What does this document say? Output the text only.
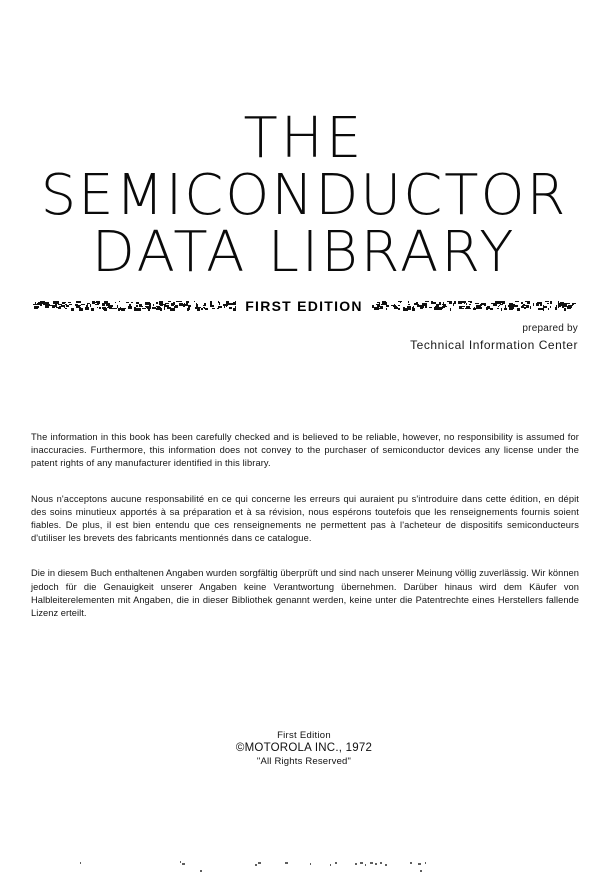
THE
SEMICONDUCTOR
DATA LIBRARY
FIRST EDITION
prepared by
Technical Information Center

The information in this book has been carefully checked and is believed to be reliable, however, no responsibility is assumed for inaccuracies. Furthermore, this information does not convey to the purchaser of semiconductor devices any license under the patent rights of any manufacturer identified in this library.

Nous n'acceptons aucune responsabilité en ce qui concerne les erreurs qui auraient pu s'introduire dans cette édition, en dépit des soins minutieux apportés à sa préparation et à sa révision, nous espérons toutefois que les renseignements fournis soient fiables. De plus, il est bien entendu que ces renseignements ne permettent pas à l'acheteur de dispositifs semiconducteurs d'utiliser les brevets des fabricants mentionnés dans ce catalogue.

Die in diesem Buch enthaltenen Angaben wurden sorgfältig überprüft und sind nach unserer Meinung völlig zuverlässig. Wir können jedoch für die Genauigkeit unserer Angaben keine Verantwortung übernehmen. Darüber hinaus wird dem Käufer von Halbleiterelementen mit Angaben, die in dieser Bibliothek genannt werden, keine unter die Patentrechte eines Herstellers fallende Lizenz erteilt.

First Edition
©MOTOROLA INC., 1972
"All Rights Reserved"
